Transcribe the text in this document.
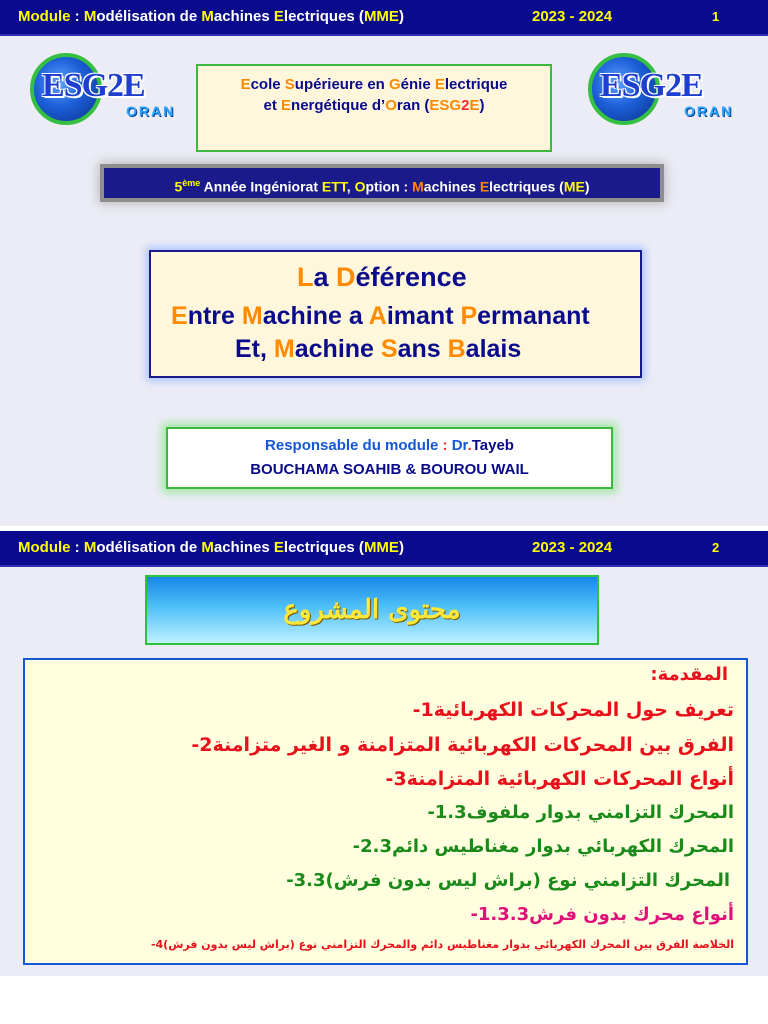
Module : Modélisation de Machines Electriques (MME)	2023 - 2024	1
ESG2E
ORAN
ESG2E
ORAN
Ecole Supérieure en Génie Electrique
et Energétique d’Oran (ESG2E)
5ème Année Ingéniorat ETT, Option : Machines Electriques (ME)
La Déférence
Entre Machine a Aimant Permanant
Et, Machine Sans Balais
Responsable du module : Dr.Tayeb
BOUCHAMA SOAHIB & BOUROU WAIL
Module : Modélisation de Machines Electriques (MME)	2023 - 2024	2
محتوى المشروع
المقدمة :
تعريف حول المحركات الكهربائية -1
الفرق بين المحركات الكهربائية المتزامنة و الغير متزامنة -2
أنواع المحركات الكهربائية المتزامنة -3
المحرك التزامني بدوار ملفوف -1.3
المحرك الكهربائي بدوار مغناطيس دائم -2.3
المحرك التزامني نوع (براش ليس بدون فرش)-3.3
أنواع محرك بدون فرش-1.3.3
الخلاصة الفرق بين المحرك الكهربائي بدوار مغناطيس دائم والمحرك التزامني نوع (براش ليس بدون فرش) -4
